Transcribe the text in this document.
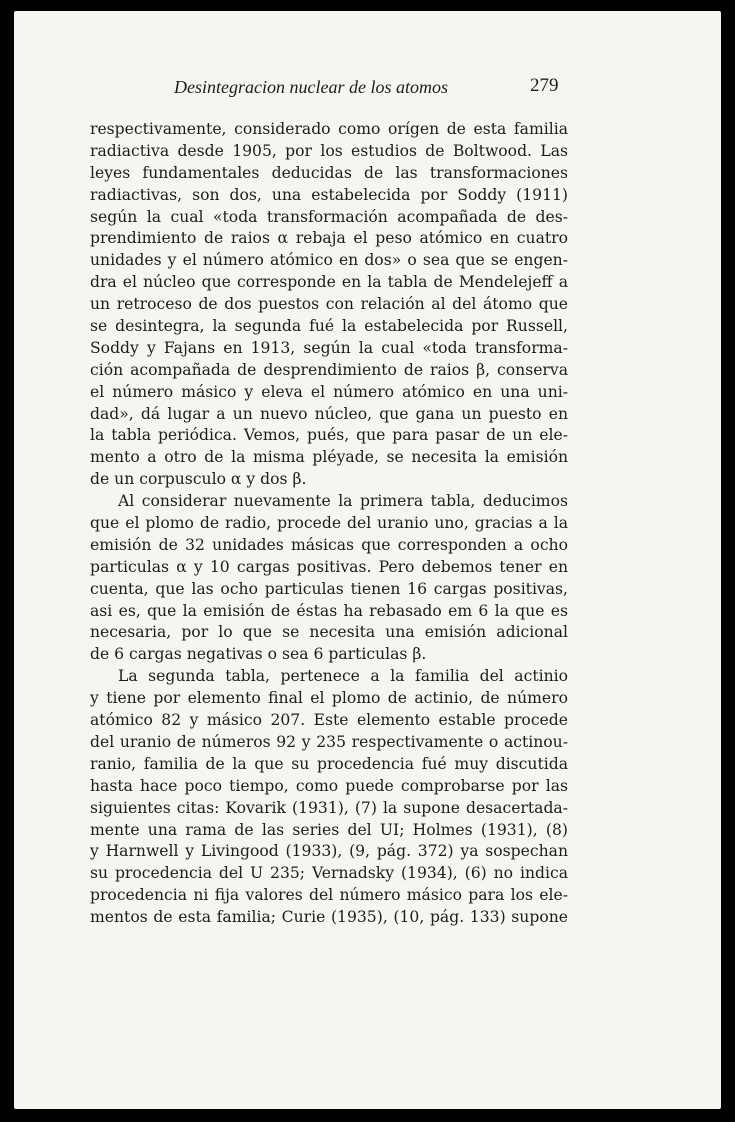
Desintegracion nuclear de los atomos	279
respectivamente, considerado como orígen de esta familia
radiactiva desde 1905, por los estudios de Boltwood. Las
leyes fundamentales deducidas de las transformaciones
radiactivas, son dos, una estabelecida por Soddy (1911)
según la cual «toda transformación acompañada de des-
prendimiento de raios α rebaja el peso atómico en cuatro
unidades y el número atómico en dos» o sea que se engen-
dra el núcleo que corresponde en la tabla de Mendelejeff a
un retroceso de dos puestos con relación al del átomo que
se desintegra, la segunda fué la estabelecida por Russell,
Soddy y Fajans en 1913, según la cual «toda transforma-
ción acompañada de desprendimiento de raios β, conserva
el número másico y eleva el número atómico en una uni-
dad», dá lugar a un nuevo núcleo, que gana un puesto en
la tabla periódica. Vemos, pués, que para pasar de un ele-
mento a otro de la misma pléyade, se necesita la emisión
de un corpusculo α y dos β.
Al considerar nuevamente la primera tabla, deducimos
que el plomo de radio, procede del uranio uno, gracias a la
emisión de 32 unidades másicas que corresponden a ocho
particulas α y 10 cargas positivas. Pero debemos tener en
cuenta, que las ocho particulas tienen 16 cargas positivas,
asi es, que la emisión de éstas ha rebasado em 6 la que es
necesaria, por lo que se necesita una emisión adicional
de 6 cargas negativas o sea 6 particulas β.
La segunda tabla, pertenece a la familia del actinio
y tiene por elemento final el plomo de actinio, de número
atómico 82 y másico 207. Este elemento estable procede
del uranio de números 92 y 235 respectivamente o actinou-
ranio, familia de la que su procedencia fué muy discutida
hasta hace poco tiempo, como puede comprobarse por las
siguientes citas: Kovarik (1931), (7) la supone desacertada-
mente una rama de las series del UI; Holmes (1931), (8)
y Harnwell y Livingood (1933), (9, pág. 372) ya sospechan
su procedencia del U 235; Vernadsky (1934), (6) no indica
procedencia ni fija valores del número másico para los ele-
mentos de esta familia; Curie (1935), (10, pág. 133) supone
